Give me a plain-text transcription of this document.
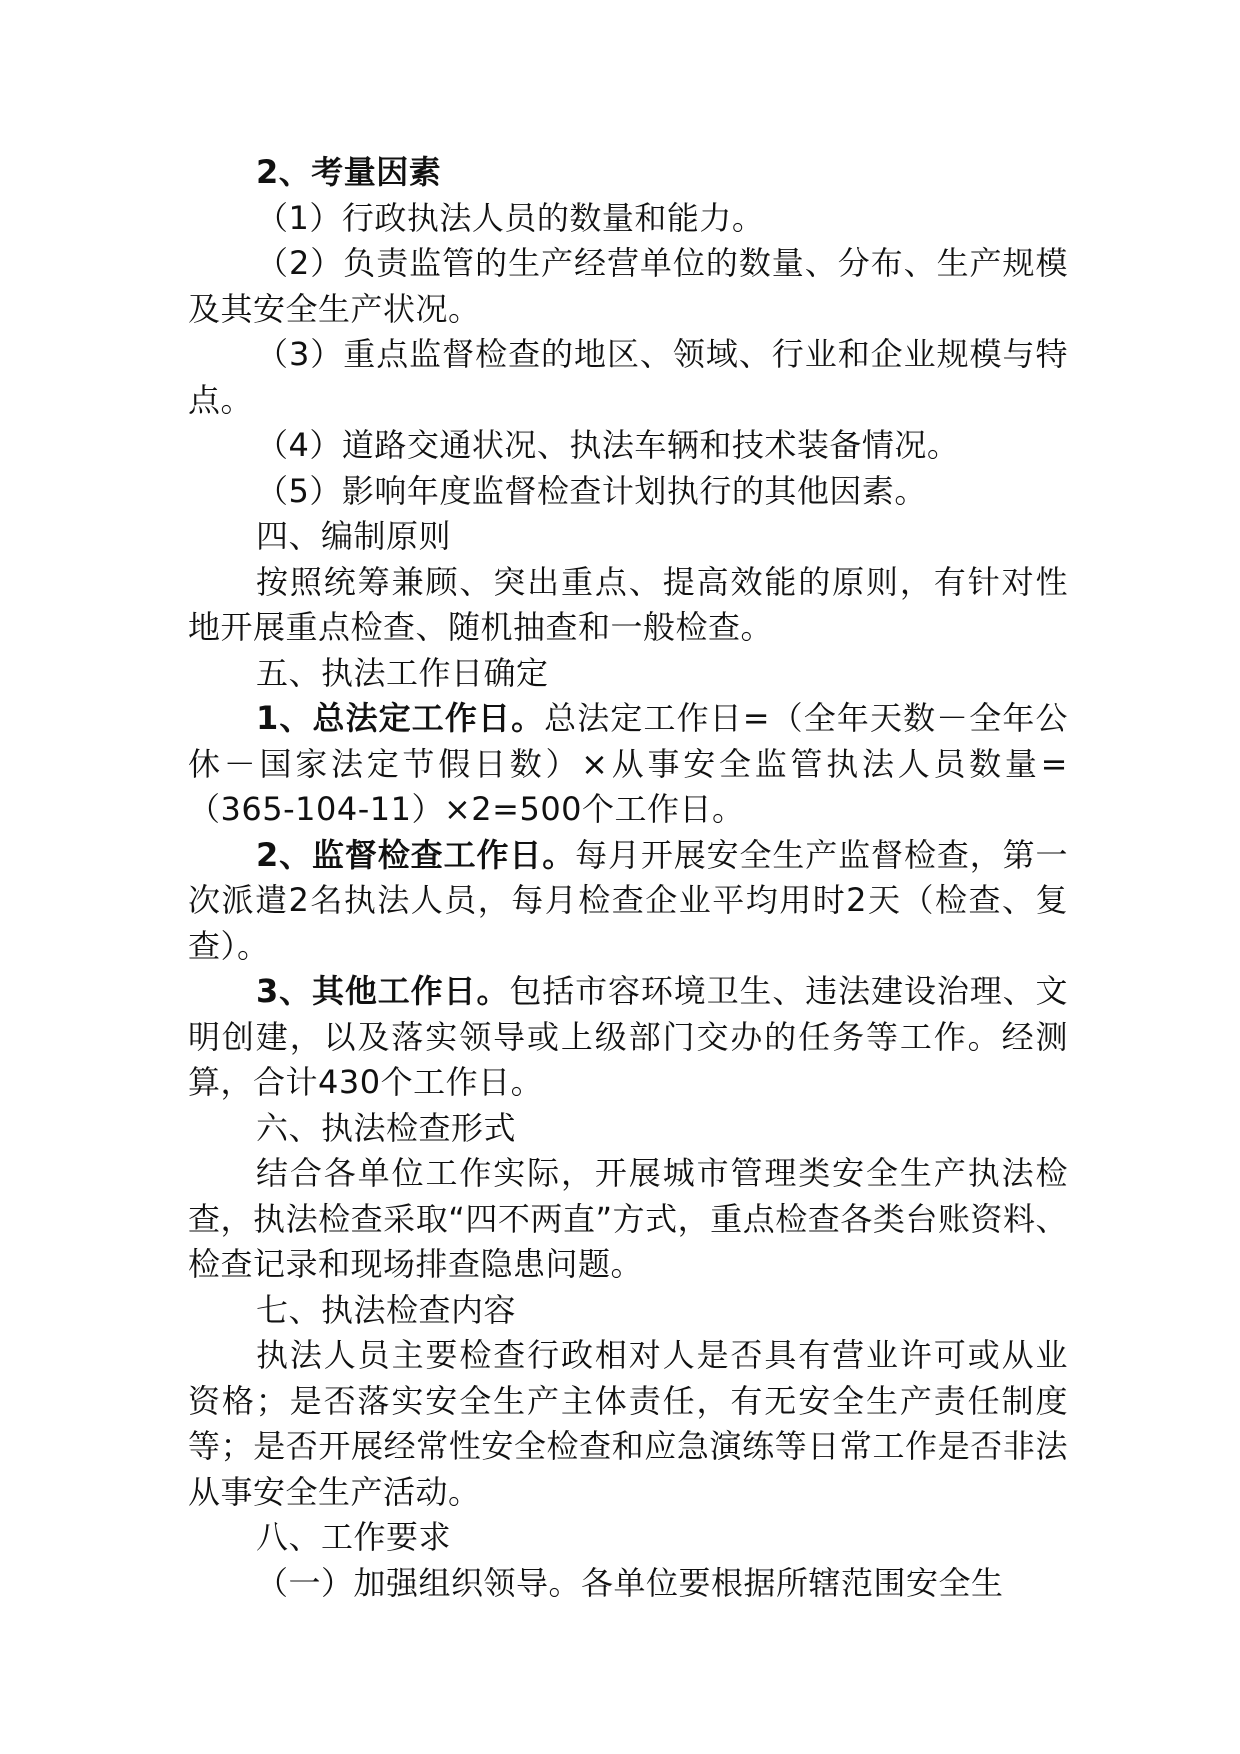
2、考量因素

（1）行政执法人员的数量和能力。

（2）负责监管的生产经营单位的数量、分布、生产规模及其安全生产状况。

（3）重点监督检查的地区、领域、行业和企业规模与特点。

（4）道路交通状况、执法车辆和技术装备情况。

（5）影响年度监督检查计划执行的其他因素。

四、编制原则

按照统筹兼顾、突出重点、提高效能的原则，有针对性地开展重点检查、随机抽查和一般检查。

五、执法工作日确定

1、总法定工作日。总法定工作日=（全年天数－全年公休－国家法定节假日数）×从事安全监管执法人员数量=（365-104-11）×2=500个工作日。

2、监督检查工作日。每月开展安全生产监督检查，第一次派遣2名执法人员，每月检查企业平均用时2天（检查、复查）。

3、其他工作日。包括市容环境卫生、违法建设治理、文明创建，以及落实领导或上级部门交办的任务等工作。经测算，合计430个工作日。

六、执法检查形式

结合各单位工作实际，开展城市管理类安全生产执法检查，执法检查采取“四不两直”方式，重点检查各类台账资料、检查记录和现场排查隐患问题。

七、执法检查内容

执法人员主要检查行政相对人是否具有营业许可或从业资格；是否落实安全生产主体责任，有无安全生产责任制度等；是否开展经常性安全检查和应急演练等日常工作是否非法从事安全生产活动。

八、工作要求

（一）加强组织领导。各单位要根据所辖范围安全生
